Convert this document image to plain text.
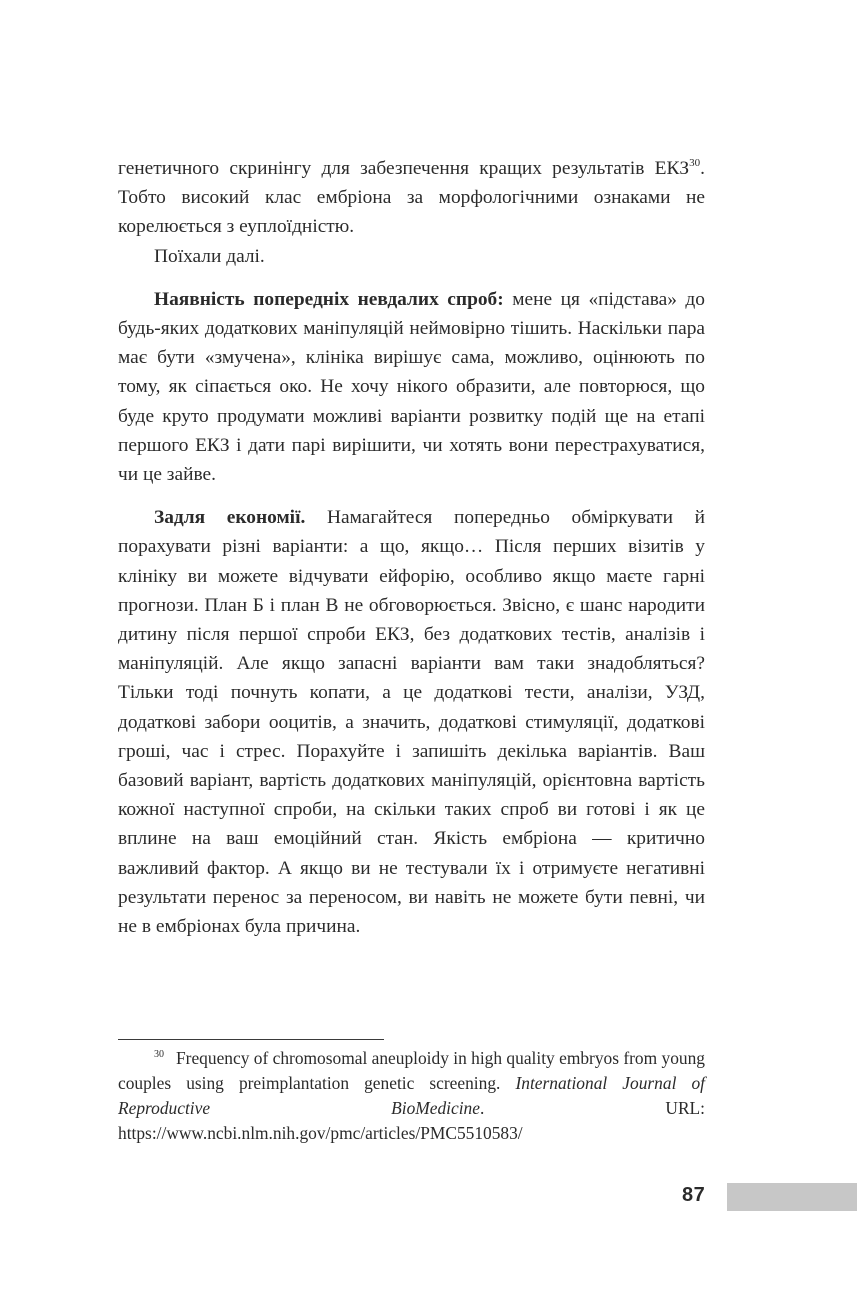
генетичного скринінгу для забезпечення кращих результатів ЕКЗ$^{30}$. Тобто високий клас ембріона за морфологічними ознаками не корелюється з еуплоїдністю.

Поїхали далі.

Наявність попередніх невдалих спроб: мене ця «підстава» до будь-яких додаткових маніпуляцій неймовірно тішить. Наскільки пара має бути «змучена», клініка вирішує сама, можливо, оцінюють по тому, як сіпається око. Не хочу нікого образити, але повторюся, що буде круто продумати можливі варіанти розвитку подій ще на етапі першого ЕКЗ і дати парі вирішити, чи хотять вони перестрахуватися, чи це зайве.

Задля економії. Намагайтеся попередньо обміркувати й порахувати різні варіанти: а що, якщо… Після перших візитів у клініку ви можете відчувати ейфорію, особливо якщо маєте гарні прогнози. План Б і план В не обговорюється. Звісно, є шанс народити дитину після першої спроби ЕКЗ, без додаткових тестів, аналізів і маніпуляцій. Але якщо запасні варіанти вам таки знадобляться? Тільки тоді почнуть копати, а це додаткові тести, аналізи, УЗД, додаткові забори ооцитів, а значить, додаткові стимуляції, додаткові гроші, час і стрес. Порахуйте і запишіть декілька варіантів. Ваш базовий варіант, вартість додаткових маніпуляцій, орієнтовна вартість кожної наступної спроби, на скільки таких спроб ви готові і як це вплине на ваш емоційний стан. Якість ембріона — критично важливий фактор. А якщо ви не тестували їх і отримуєте негативні результати перенос за переносом, ви навіть не можете бути певні, чи не в ембріонах була причина.

$^{30}$ Frequency of chromosomal aneuploidy in high quality embryos from young couples using preimplantation genetic screening. International Journal of Reproductive BioMedicine. URL: https://www.ncbi.nlm.nih.gov/pmc/articles/PMC5510583/

87
